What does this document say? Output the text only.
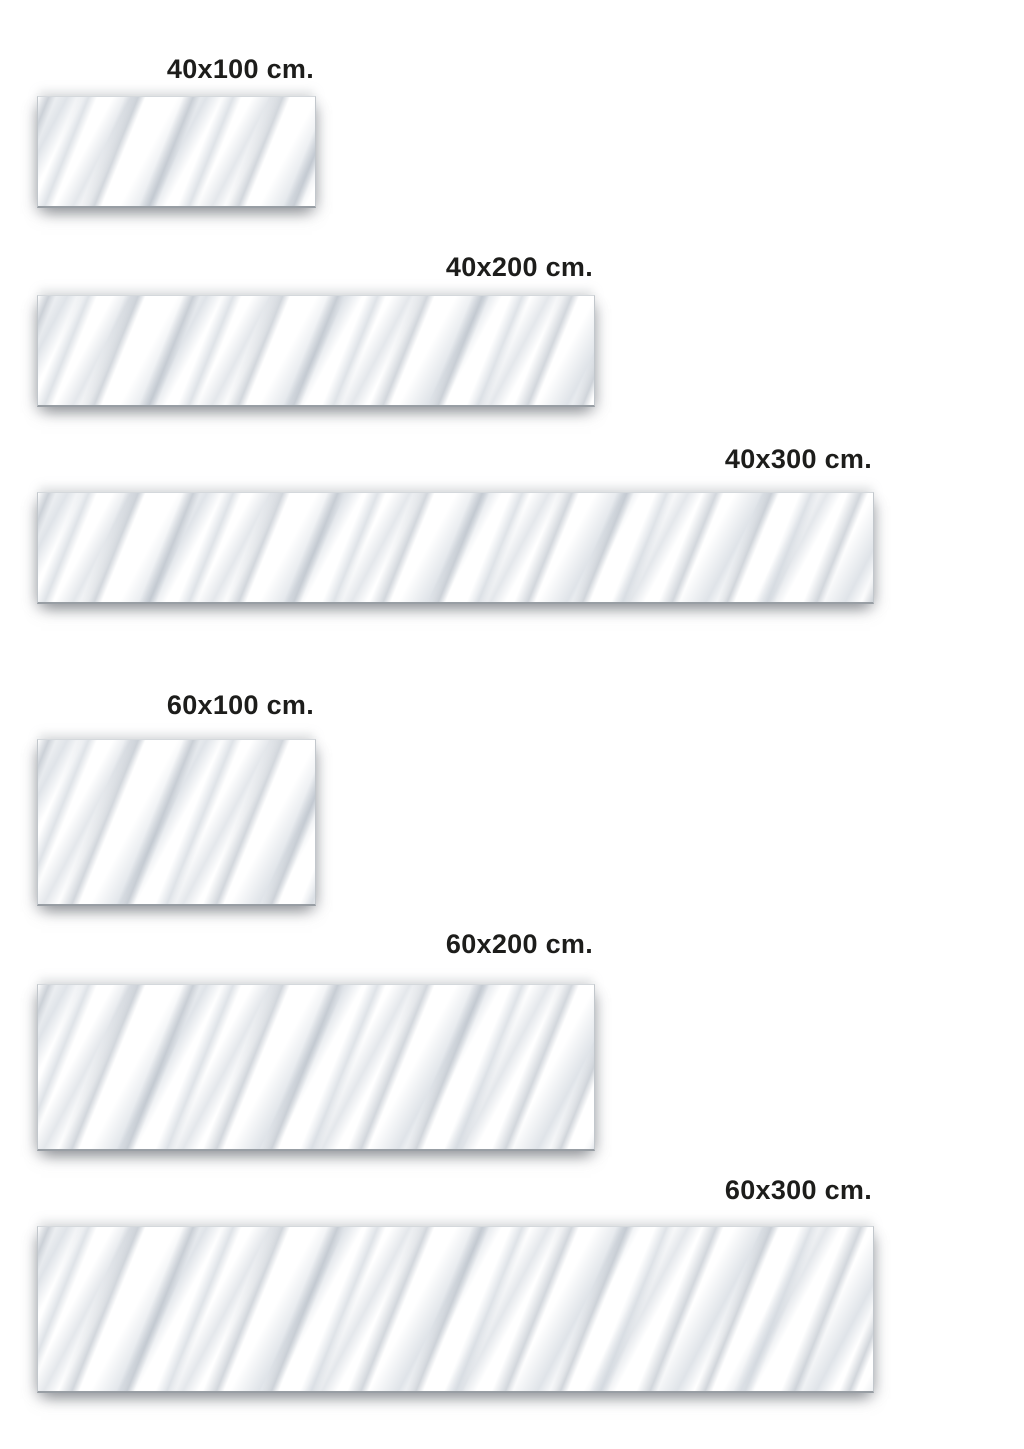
40x100 cm.
40x200 cm.
40x300 cm.
60x100 cm.
60x200 cm.
60x300 cm.
